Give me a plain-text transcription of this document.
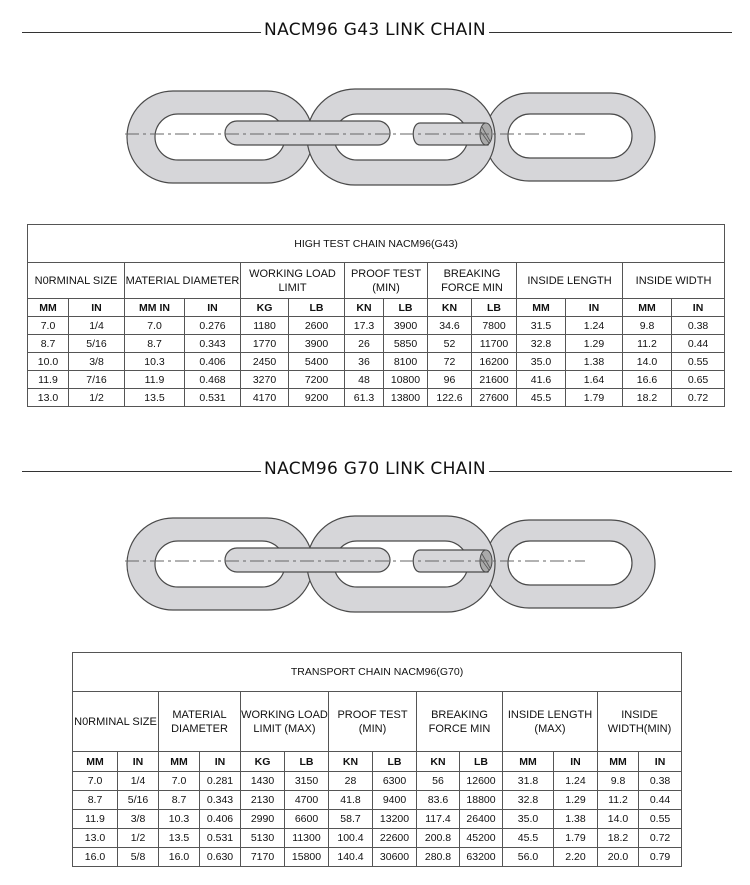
NACM96 G43 LINK CHAIN
HIGH TEST CHAIN NACM96(G43)													
N0RMINAL SIZE		MATERIAL DIAMETER		WORKING LOAD LIMIT		PROOF TEST (MIN)		BREAKING FORCE MIN		INSIDE LENGTH		INSIDE WIDTH	
MM	IN	MM IN	IN	KG	LB	KN	LB	KN	LB	MM	IN	MM	IN
7.0	1/4	7.0	0.276	1180	2600	17.3	3900	34.6	7800	31.5	1.24	9.8	0.38
8.7	5/16	8.7	0.343	1770	3900	26	5850	52	11700	32.8	1.29	11.2	0.44
10.0	3/8	10.3	0.406	2450	5400	36	8100	72	16200	35.0	1.38	14.0	0.55
11.9	7/16	11.9	0.468	3270	7200	48	10800	96	21600	41.6	1.64	16.6	0.65
13.0	1/2	13.5	0.531	4170	9200	61.3	13800	122.6	27600	45.5	1.79	18.2	0.72
NACM96 G70 LINK CHAIN
TRANSPORT CHAIN NACM96(G70)													
N0RMINAL SIZE		MATERIAL DIAMETER		WORKING LOAD LIMIT (MAX)		PROOF TEST (MIN)		BREAKING FORCE MIN		INSIDE LENGTH (MAX)		INSIDE WIDTH(MIN)	
MM	IN	MM	IN	KG	LB	KN	LB	KN	LB	MM	IN	MM	IN
7.0	1/4	7.0	0.281	1430	3150	28	6300	56	12600	31.8	1.24	9.8	0.38
8.7	5/16	8.7	0.343	2130	4700	41.8	9400	83.6	18800	32.8	1.29	11.2	0.44
11.9	3/8	10.3	0.406	2990	6600	58.7	13200	117.4	26400	35.0	1.38	14.0	0.55
13.0	1/2	13.5	0.531	5130	11300	100.4	22600	200.8	45200	45.5	1.79	18.2	0.72
16.0	5/8	16.0	0.630	7170	15800	140.4	30600	280.8	63200	56.0	2.20	20.0	0.79
